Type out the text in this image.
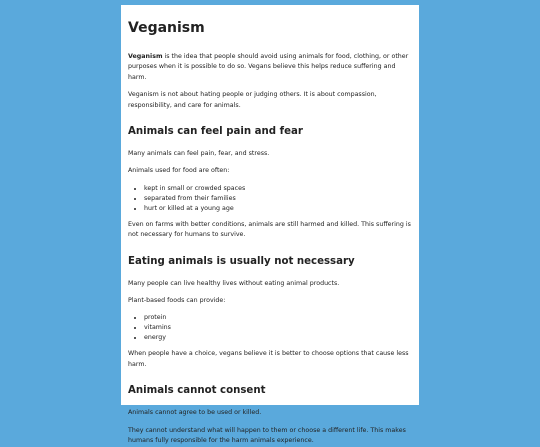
Veganism

Veganism is the idea that people should avoid using animals for food, clothing, or other purposes when it is possible to do so. Vegans believe this helps reduce suffering and harm.

Veganism is not about hating people or judging others. It is about compassion, responsibility, and care for animals.

Animals can feel pain and fear

Many animals can feel pain, fear, and stress.

Animals used for food are often:

• kept in small or crowded spaces
• separated from their families
• hurt or killed at a young age

Even on farms with better conditions, animals are still harmed and killed. This suffering is not necessary for humans to survive.

Eating animals is usually not necessary

Many people can live healthy lives without eating animal products.

Plant-based foods can provide:

• protein
• vitamins
• energy

When people have a choice, vegans believe it is better to choose options that cause less harm.

Animals cannot consent

Animals cannot agree to be used or killed.

They cannot understand what will happen to them or choose a different life. This makes humans fully responsible for the harm animals experience.
